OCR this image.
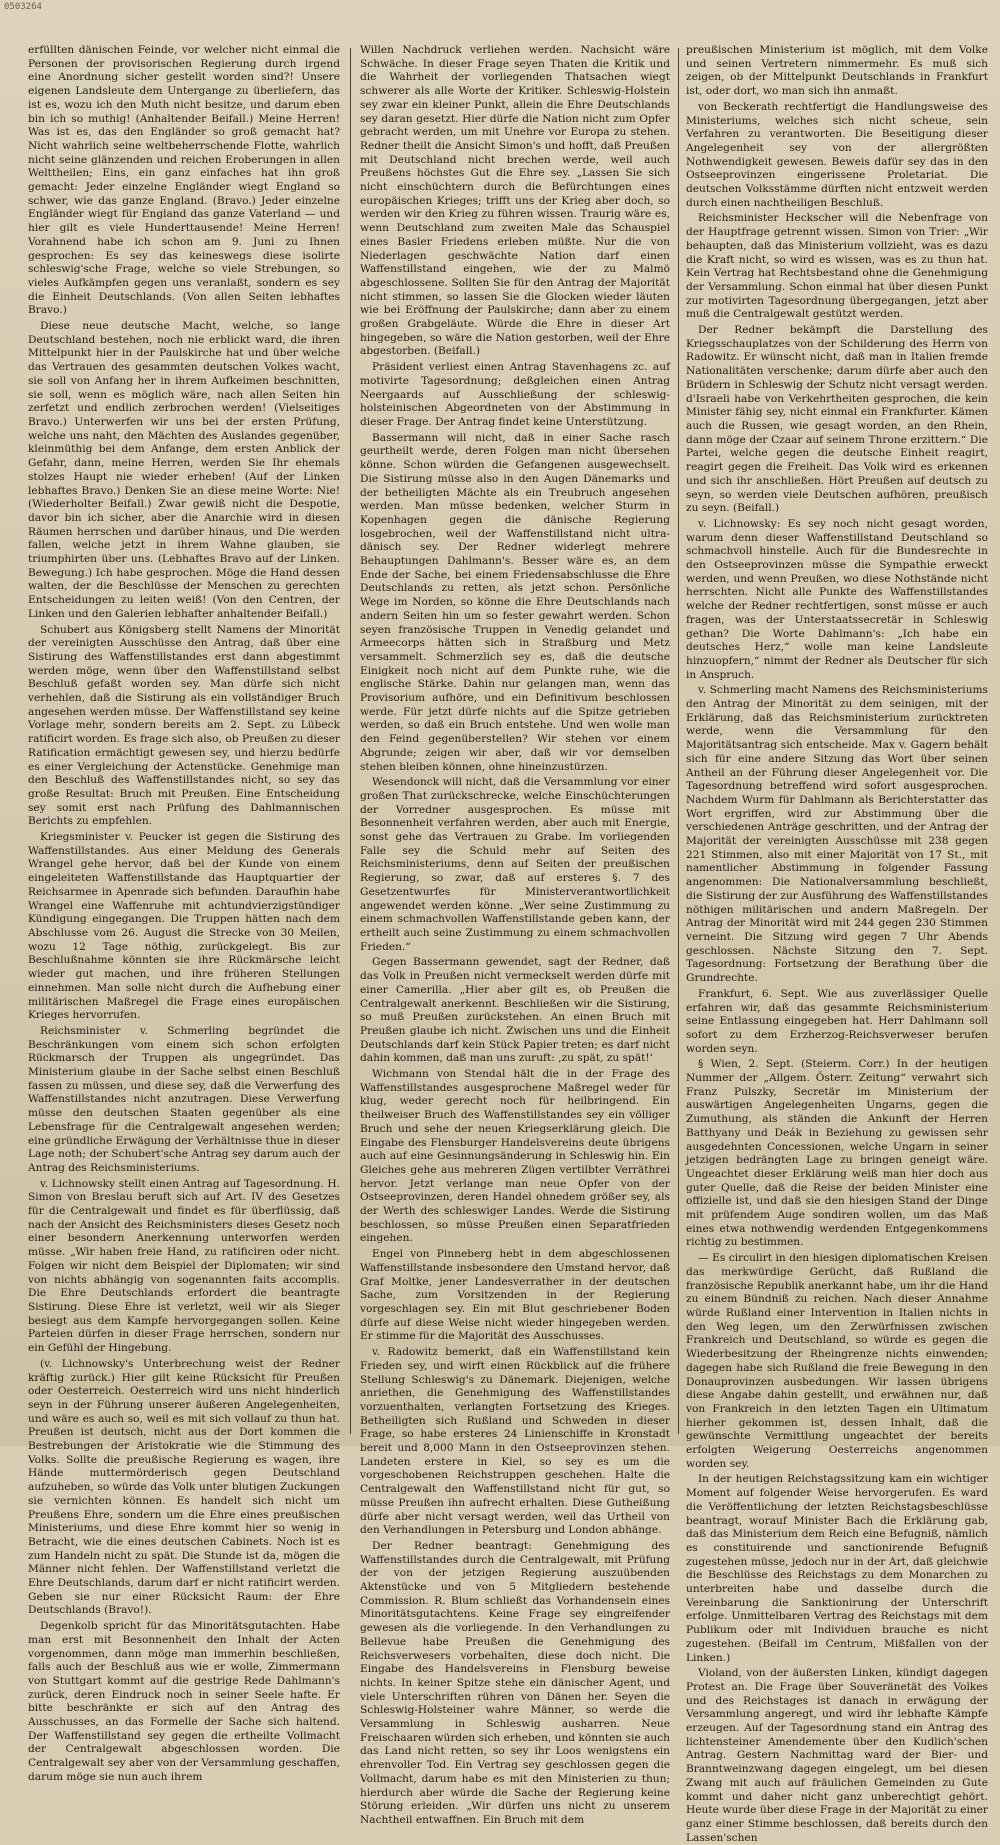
0503264

erfüllten dänischen Feinde, vor welcher nicht einmal die Personen der provisorischen Regierung durch irgend eine Anordnung sicher gestellt worden sind?! Unsere eigenen Landsleute dem Untergange zu überliefern, das ist es, wozu ich den Muth nicht besitze, und darum eben bin ich so muthig! (Anhaltender Beifall.) Meine Herren! Was ist es, das den Engländer so groß gemacht hat? Nicht wahrlich seine weltbeherrschende Flotte, wahrlich nicht seine glänzenden und reichen Eroberungen in allen Welttheilen; Eins, ein ganz einfaches hat ihn groß gemacht: Jeder einzelne Engländer wiegt England so schwer, wie das ganze England. (Bravo.) Jeder einzelne Engländer wiegt für England das ganze Vaterland — und hier gilt es viele Hunderttausende! Meine Herren! Vorahnend habe ich schon am 9. Juni zu Ihnen gesprochen: Es sey das keineswegs diese isolirte schleswig'sche Frage, welche so viele Strebungen, so vieles Aufkämpfen gegen uns veranlaßt, sondern es sey die Einheit Deutschlands. (Von allen Seiten lebhaftes Bravo.)

Diese neue deutsche Macht, welche, so lange Deutschland bestehen, noch nie erblickt ward, die ihren Mittelpunkt hier in der Paulskirche hat und über welche das Vertrauen des gesammten deutschen Volkes wacht, sie soll von Anfang her in ihrem Aufkeimen beschnitten, sie soll, wenn es möglich wäre, nach allen Seiten hin zerfetzt und endlich zerbrochen werden! (Vielseitiges Bravo.) Unterwerfen wir uns bei der ersten Prüfung, welche uns naht, den Mächten des Auslandes gegenüber, kleinmüthig bei dem Anfange, dem ersten Anblick der Gefahr, dann, meine Herren, werden Sie Ihr ehemals stolzes Haupt nie wieder erheben! (Auf der Linken lebhaftes Bravo.) Denken Sie an diese meine Worte: Nie! (Wiederholter Beifall.) Zwar gewiß nicht die Despotie, davor bin ich sicher, aber die Anarchie wird in diesen Räumen herrschen und darüber hinaus, und Die werden fallen, welche jetzt in ihrem Wahne glauben, sie triumphirten über uns. (Lebhaftes Bravo auf der Linken. Bewegung.) Ich habe gesprochen. Möge die Hand dessen walten, der die Beschlüsse der Menschen zu gerechten Entscheidungen zu leiten weiß! (Von den Centren, der Linken und den Galerien lebhafter anhaltender Beifall.)

Schubert aus Königsberg stellt Namens der Minorität der vereinigten Ausschüsse den Antrag, daß über eine Sistirung des Waffenstillstandes erst dann abgestimmt werden möge, wenn über den Waffenstillstand selbst Beschluß gefaßt worden sey. Man dürfe sich nicht verhehlen, daß die Sistirung als ein vollständiger Bruch angesehen werden müsse. Der Waffenstillstand sey keine Vorlage mehr, sondern bereits am 2. Sept. zu Lübeck ratificirt worden. Es frage sich also, ob Preußen zu dieser Ratification ermächtigt gewesen sey, und hierzu bedürfe es einer Vergleichung der Actenstücke. Genehmige man den Beschluß des Waffenstillstandes nicht, so sey das große Resultat: Bruch mit Preußen. Eine Entscheidung sey somit erst nach Prüfung des Dahlmannischen Berichts zu empfehlen.

Kriegsminister v. Peucker ist gegen die Sistirung des Waffenstillstandes. Aus einer Meldung des Generals Wrangel gehe hervor, daß bei der Kunde von einem eingeleiteten Waffenstillstande das Hauptquartier der Reichsarmee in Apenrade sich befunden. Daraufhin habe Wrangel eine Waffenruhe mit achtundvierzigstündiger Kündigung eingegangen. Die Truppen hätten nach dem Abschlusse vom 26. August die Strecke von 30 Meilen, wozu 12 Tage nöthig, zurückgelegt. Bis zur Beschlußnahme könnten sie ihre Rückmärsche leicht wieder gut machen, und ihre früheren Stellungen einnehmen. Man solle nicht durch die Aufhebung einer militärischen Maßregel die Frage eines europäischen Krieges hervorrufen.

Reichsminister v. Schmerling begründet die Beschränkungen vom einem sich schon erfolgten Rückmarsch der Truppen als ungegründet. Das Ministerium glaube in der Sache selbst einen Beschluß fassen zu müssen, und diese sey, daß die Verwerfung des Waffenstillstandes nicht anzutragen. Diese Verwerfung müsse den deutschen Staaten gegenüber als eine Lebensfrage für die Centralgewalt angesehen werden; eine gründliche Erwägung der Verhältnisse thue in dieser Lage noth; der Schubert'sche Antrag sey darum auch der Antrag des Reichsministeriums.

v. Lichnowsky stellt einen Antrag auf Tagesordnung. H. Simon von Breslau beruft sich auf Art. IV des Gesetzes für die Centralgewalt und findet es für überflüssig, daß nach der Ansicht des Reichsministers dieses Gesetz noch einer besondern Anerkennung unterworfen werden müsse. „Wir haben freie Hand, zu ratificiren oder nicht. Folgen wir nicht dem Beispiel der Diplomaten; wir sind von nichts abhängig von sogenannten faits accomplis. Die Ehre Deutschlands erfordert die beantragte Sistirung. Diese Ehre ist verletzt, weil wir als Sieger besiegt aus dem Kampfe hervorgegangen sollen. Keine Parteien dürfen in dieser Frage herrschen, sondern nur ein Gefühl der Hingebung.

(v. Lichnowsky's Unterbrechung weist der Redner kräftig zurück.) Hier gilt keine Rücksicht für Preußen oder Oesterreich. Oesterreich wird uns nicht hinderlich seyn in der Führung unserer äußeren Angelegenheiten, und wäre es auch so, weil es mit sich vollauf zu thun hat. Preußen ist deutsch, nicht aus der Dort kommen die Bestrebungen der Aristokratie wie die Stimmung des Volks. Sollte die preußische Regierung es wagen, ihre Hände muttermörderisch gegen Deutschland aufzuheben, so würde das Volk unter blutigen Zuckungen sie vernichten können. Es handelt sich nicht um Preußens Ehre, sondern um die Ehre eines preußischen Ministeriums, und diese Ehre kommt hier so wenig in Betracht, wie die eines deutschen Cabinets. Noch ist es zum Handeln nicht zu spät. Die Stunde ist da, mögen die Männer nicht fehlen. Der Waffenstillstand verletzt die Ehre Deutschlands, darum darf er nicht ratificirt werden. Geben sie nur einer Rücksicht Raum: der Ehre Deutschlands (Bravo!).

Degenkolb spricht für das Minoritätsgutachten. Habe man erst mit Besonnenheit den Inhalt der Acten vorgenommen, dann möge man immerhin beschließen, falls auch der Beschluß aus wie er wolle, Zimmermann von Stuttgart kommt auf die gestrige Rede Dahlmann's zurück, deren Eindruck noch in seiner Seele hafte. Er bitte beschränkte er sich auf den Antrag des Ausschusses, an das Formelle der Sache sich haltend. Der Waffenstillstand sey gegen die ertheilte Vollmacht der Centralgewalt abgeschlossen worden. Die Centralgewalt sey aber von der Versammlung geschaffen, darum möge sie nun auch ihrem

Willen Nachdruck verliehen werden. Nachsicht wäre Schwäche. In dieser Frage seyen Thaten die Kritik und die Wahrheit der vorliegenden Thatsachen wiegt schwerer als alle Worte der Kritiker. Schleswig-Holstein sey zwar ein kleiner Punkt, allein die Ehre Deutschlands sey daran gesetzt. Hier dürfe die Nation nicht zum Opfer gebracht werden, um mit Unehre vor Europa zu stehen. Redner theilt die Ansicht Simon's und hofft, daß Preußen mit Deutschland nicht brechen werde, weil auch Preußens höchstes Gut die Ehre sey. „Lassen Sie sich nicht einschüchtern durch die Befürchtungen eines europäischen Krieges; trifft uns der Krieg aber doch, so werden wir den Krieg zu führen wissen. Traurig wäre es, wenn Deutschland zum zweiten Male das Schauspiel eines Basler Friedens erleben müßte. Nur die von Niederlagen geschwächte Nation darf einen Waffenstillstand eingehen, wie der zu Malmö abgeschlossene. Sollten Sie für den Antrag der Majorität nicht stimmen, so lassen Sie die Glocken wieder läuten wie bei Eröffnung der Paulskirche; dann aber zu einem großen Grabgeläute. Würde die Ehre in dieser Art hingegeben, so wäre die Nation gestorben, weil der Ehre abgestorben. (Beifall.)

Präsident verliest einen Antrag Stavenhagens zc. auf motivirte Tagesordnung; deßgleichen einen Antrag Neergaards auf Ausschließung der schleswig-holsteinischen Abgeordneten von der Abstimmung in dieser Frage. Der Antrag findet keine Unterstützung.

Bassermann will nicht, daß in einer Sache rasch geurtheilt werde, deren Folgen man nicht übersehen könne. Schon würden die Gefangenen ausgewechselt. Die Sistirung müsse also in den Augen Dänemarks und der betheiligten Mächte als ein Treubruch angesehen werden. Man müsse bedenken, welcher Sturm in Kopenhagen gegen die dänische Regierung losgebrochen, weil der Waffenstillstand nicht ultra-dänisch sey. Der Redner widerlegt mehrere Behauptungen Dahlmann's. Besser wäre es, an dem Ende der Sache, bei einem Friedensabschlusse die Ehre Deutschlands zu retten, als jetzt schon. Persönliche Wege im Norden, so könne die Ehre Deutschlands nach andern Seiten hin um so fester gewahrt werden. Schon seyen französische Truppen in Venedig gelandet und Armeecorps hätten sich in Straßburg und Metz versammelt. Schmerzlich sey es, daß die deutsche Einigkeit noch nicht auf dem Punkte ruhe, wie die englische Stärke. Dahin nur gelangen man, wenn das Provisorium aufhöre, und ein Definitivum beschlossen werde. Für jetzt dürfe nichts auf die Spitze getrieben werden, so daß ein Bruch entstehe. Und wen wolle man den Feind gegenüberstellen? Wir stehen vor einem Abgrunde; zeigen wir aber, daß wir vor demselben stehen bleiben können, ohne hineinzustürzen.

Wesendonck will nicht, daß die Versammlung vor einer großen That zurückschrecke, welche Einschüchterungen der Vorredner ausgesprochen. Es müsse mit Besonnenheit verfahren werden, aber auch mit Energie, sonst gehe das Vertrauen zu Grabe. Im vorliegenden Falle sey die Schuld mehr auf Seiten des Reichsministeriums, denn auf Seiten der preußischen Regierung, so zwar, daß auf ersteres §. 7 des Gesetzentwurfes für Ministerverantwortlichkeit angewendet werden könne. „Wer seine Zustimmung zu einem schmachvollen Waffenstillstande geben kann, der ertheilt auch seine Zustimmung zu einem schmachvollen Frieden.“

Gegen Bassermann gewendet, sagt der Redner, daß das Volk in Preußen nicht vermeckselt werden dürfe mit einer Camerilla. „Hier aber gilt es, ob Preußen die Centralgewalt anerkennt. Beschließen wir die Sistirung, so muß Preußen zurückstehen. An einen Bruch mit Preußen glaube ich nicht. Zwischen uns und die Einheit Deutschlands darf kein Stück Papier treten; es darf nicht dahin kommen, daß man uns zuruft: ‚zu spät, zu spät!‘

Wichmann von Stendal hält die in der Frage des Waffenstillstandes ausgesprochene Maßregel weder für klug, weder gerecht noch für heilbringend. Ein theilweiser Bruch des Waffenstillstandes sey ein völliger Bruch und sehe der neuen Kriegserklärung gleich. Die Eingabe des Flensburger Handelsvereins deute übrigens auch auf eine Gesinnungsänderung in Schleswig hin. Ein Gleiches gehe aus mehreren Zügen vertilbter Verräthrei hervor. Jetzt verlange man neue Opfer von der Ostseeprovinzen, deren Handel ohnedem größer sey, als der Werth des schleswiger Landes. Werde die Sistirung beschlossen, so müsse Preußen einen Separatfrieden eingehen.

Engel von Pinneberg hebt in dem abgeschlossenen Waffenstillstande insbesondere den Umstand hervor, daß Graf Moltke, jener Landesverrather in der deutschen Sache, zum Vorsitzenden in der Regierung vorgeschlagen sey. Ein mit Blut geschriebener Boden dürfe auf diese Weise nicht wieder hingegeben werden. Er stimme für die Majorität des Ausschusses.

v. Radowitz bemerkt, daß ein Waffenstillstand kein Frieden sey, und wirft einen Rückblick auf die frühere Stellung Schleswig's zu Dänemark. Diejenigen, welche anriethen, die Genehmigung des Waffenstillstandes vorzuenthalten, verlangten Fortsetzung des Krieges. Betheiligten sich Rußland und Schweden in dieser Frage, so habe ersteres 24 Linienschiffe in Kronstadt bereit und 8,000 Mann in den Ostseeprovinzen stehen. Landeten erstere in Kiel, so sey es um die vorgeschobenen Reichstruppen geschehen. Halte die Centralgewalt den Waffenstillstand nicht für gut, so müsse Preußen ihn aufrecht erhalten. Diese Gutheißung dürfe aber nicht versagt werden, weil das Urtheil von den Verhandlungen in Petersburg und London abhänge.

Der Redner beantragt: Genehmigung des Waffenstillstandes durch die Centralgewalt, mit Prüfung der von der jetzigen Regierung auszuübenden Aktenstücke und von 5 Mitgliedern bestehende Commission. R. Blum schließt das Vorhandensein eines Minoritätsgutachtens. Keine Frage sey eingreifender gewesen als die vorliegende. In den Verhandlungen zu Bellevue habe Preußen die Genehmigung des Reichsverwesers vorbehalten, diese doch nicht. Die Eingabe des Handelsvereins in Flensburg beweise nichts. In keiner Spitze stehe ein dänischer Agent, und viele Unterschriften rühren von Dänen her. Seyen die Schleswig-Holsteiner wahre Männer, so werde die Versammlung in Schleswig ausharren. Neue Freischaaren würden sich erheben, und könnten sie auch das Land nicht retten, so sey ihr Loos wenigstens ein ehrenvoller Tod. Ein Vertrag sey geschlossen gegen die Vollmacht, darum habe es mit den Ministerien zu thun; hierdurch aber würde die Sache der Regierung keine Störung erleiden. „Wir dürfen uns nicht zu unserem Nachtheil entwaffnen. Ein Bruch mit dem

preußischen Ministerium ist möglich, mit dem Volke und seinen Vertretern nimmermehr. Es muß sich zeigen, ob der Mittelpunkt Deutschlands in Frankfurt ist, oder dort, wo man sich ihn anmaßt.

von Beckerath rechtfertigt die Handlungsweise des Ministeriums, welches sich nicht scheue, sein Verfahren zu verantworten. Die Beseitigung dieser Angelegenheit sey von der allergrößten Nothwendigkeit gewesen. Beweis dafür sey das in den Ostseeprovinzen eingerissene Proletariat. Die deutschen Volksstämme dürften nicht entzweit werden durch einen nachtheiligen Beschluß.

Reichsminister Heckscher will die Nebenfrage von der Hauptfrage getrennt wissen. Simon von Trier: „Wir behaupten, daß das Ministerium vollzieht, was es dazu die Kraft nicht, so wird es wissen, was es zu thun hat. Kein Vertrag hat Rechtsbestand ohne die Genehmigung der Versammlung. Schon einmal hat über diesen Punkt zur motivirten Tagesordnung übergegangen, jetzt aber muß die Centralgewalt gestützt werden.

Der Redner bekämpft die Darstellung des Kriegsschauplatzes von der Schilderung des Herrn von Radowitz. Er wünscht nicht, daß man in Italien fremde Nationalitäten verschenke; darum dürfe aber auch den Brüdern in Schleswig der Schutz nicht versagt werden. d'Israeli habe von Verkehrtheiten gesprochen, die kein Minister fähig sey, nicht einmal ein Frankfurter. Kämen auch die Russen, wie gesagt worden, an den Rhein, dann möge der Czaar auf seinem Throne erzittern.“ Die Partei, welche gegen die deutsche Einheit reagirt, reagirt gegen die Freiheit. Das Volk wird es erkennen und sich ihr anschließen. Hört Preußen auf deutsch zu seyn, so werden viele Deutschen aufhören, preußisch zu seyn. (Beifall.)

v. Lichnowsky: Es sey noch nicht gesagt worden, warum denn dieser Waffenstillstand Deutschland so schmachvoll hinstelle. Auch für die Bundesrechte in den Ostseeprovinzen müsse die Sympathie erweckt werden, und wenn Preußen, wo diese Nothstände nicht herrschten. Nicht alle Punkte des Waffenstillstandes welche der Redner rechtfertigen, sonst müsse er auch fragen, was der Unterstaatssecretär in Schleswig gethan? Die Worte Dahlmann's: „Ich habe ein deutsches Herz,“ wolle man keine Landsleute hinzuopfern,“ nimmt der Redner als Deutscher für sich in Anspruch.

v. Schmerling macht Namens des Reichsministeriums den Antrag der Minorität zu dem seinigen, mit der Erklärung, daß das Reichsministerium zurücktreten werde, wenn die Versammlung für den Majoritätsantrag sich entscheide. Max v. Gagern behält sich für eine andere Sitzung das Wort über seinen Antheil an der Führung dieser Angelegenheit vor. Die Tagesordnung betreffend wird sofort ausgesprochen. Nachdem Wurm für Dahlmann als Berichterstatter das Wort ergriffen, wird zur Abstimmung über die verschiedenen Anträge geschritten, und der Antrag der Majorität der vereinigten Ausschüsse mit 238 gegen 221 Stimmen, also mit einer Majorität von 17 St., mit namentlicher Abstimmung in folgender Fassung angenommen: Die Nationalversammlung beschließt, die Sistirung der zur Ausführung des Waffenstillstandes nöthigen militärischen und andern Maßregeln. Der Antrag der Minorität wird mit 244 gegen 230 Stimmen verneint. Die Sitzung wird gegen 7 Uhr Abends geschlossen. Nächste Sitzung den 7. Sept. Tagesordnung: Fortsetzung der Berathung über die Grundrechte.

Frankfurt, 6. Sept. Wie aus zuverlässiger Quelle erfahren wir, daß das gesammte Reichsministerium seine Entlassung eingegeben hat. Herr Dahlmann soll sofort zu dem Erzherzog-Reichsverweser berufen worden seyn.

§ Wien, 2. Sept. (Steierm. Corr.) In der heutigen Nummer der „Allgem. Österr. Zeitung“ verwahrt sich Franz Pulszky, Secretär im Ministerium der auswärtigen Angelegenheiten Ungarns, gegen die Zumuthung, als ständen die Ankunft der Herren Batthyany und Deák in Beziehung zu gewissen sehr ausgedehnten Concessionen, welche Ungarn in seiner jetzigen bedrängten Lage zu bringen geneigt wäre. Ungeachtet dieser Erklärung weiß man hier doch aus guter Quelle, daß die Reise der beiden Minister eine offizielle ist, und daß sie den hiesigen Stand der Dinge mit prüfendem Auge sondiren wollen, um das Maß eines etwa nothwendig werdenden Entgegenkommens richtig zu bestimmen.

— Es circulirt in den hiesigen diplomatischen Kreisen das merkwürdige Gerücht, daß Rußland die französische Republik anerkannt habe, um ihr die Hand zu einem Bündniß zu reichen. Nach dieser Annahme würde Rußland einer Intervention in Italien nichts in den Weg legen, um den Zerwürfnissen zwischen Frankreich und Deutschland, so würde es gegen die Wiederbesitzung der Rheingrenze nichts einwenden; dagegen habe sich Rußland die freie Bewegung in den Donauprovinzen ausbedungen. Wir lassen übrigens diese Angabe dahin gestellt, und erwähnen nur, daß von Frankreich in den letzten Tagen ein Ultimatum hierher gekommen ist, dessen Inhalt, daß die gewünschte Vermittlung ungeachtet der bereits erfolgten Weigerung Oesterreichs angenommen worden sey.

In der heutigen Reichstagssitzung kam ein wichtiger Moment auf folgender Weise hervorgerufen. Es ward die Veröffentlichung der letzten Reichstagsbeschlüsse beantragt, worauf Minister Bach die Erklärung gab, daß das Ministerium dem Reich eine Befugniß, nämlich es constituirende und sanctionirende Befugniß zugestehen müsse, jedoch nur in der Art, daß gleichwie die Beschlüsse des Reichstags zu dem Monarchen zu unterbreiten habe und dasselbe durch die Vereinbarung die Sanktionirung der Unterschrift erfolge. Unmittelbaren Vertrag des Reichstags mit dem Publikum oder mit Individuen brauche es nicht zugestehen. (Beifall im Centrum, Mißfallen von der Linken.)

Violand, von der äußersten Linken, kündigt dagegen Protest an. Die Frage über Souveränetät des Volkes und des Reichstages ist danach in erwägung der Versammlung angeregt, und wird ihr lebhafte Kämpfe erzeugen. Auf der Tagesordnung stand ein Antrag des lichtensteiner Amendemente über den Kudlich'schen Antrag. Gestern Nachmittag ward der Bier- und Branntweinzwang dagegen eingelegt, um bei diesen Zwang mit auch auf fräulichen Gemeinden zu Gute kommt und daher nicht ganz unberechtigt gehört. Heute wurde über diese Frage in der Majorität zu einer ganz einer Stimme beschlossen, daß bereits durch den Lassen'schen
